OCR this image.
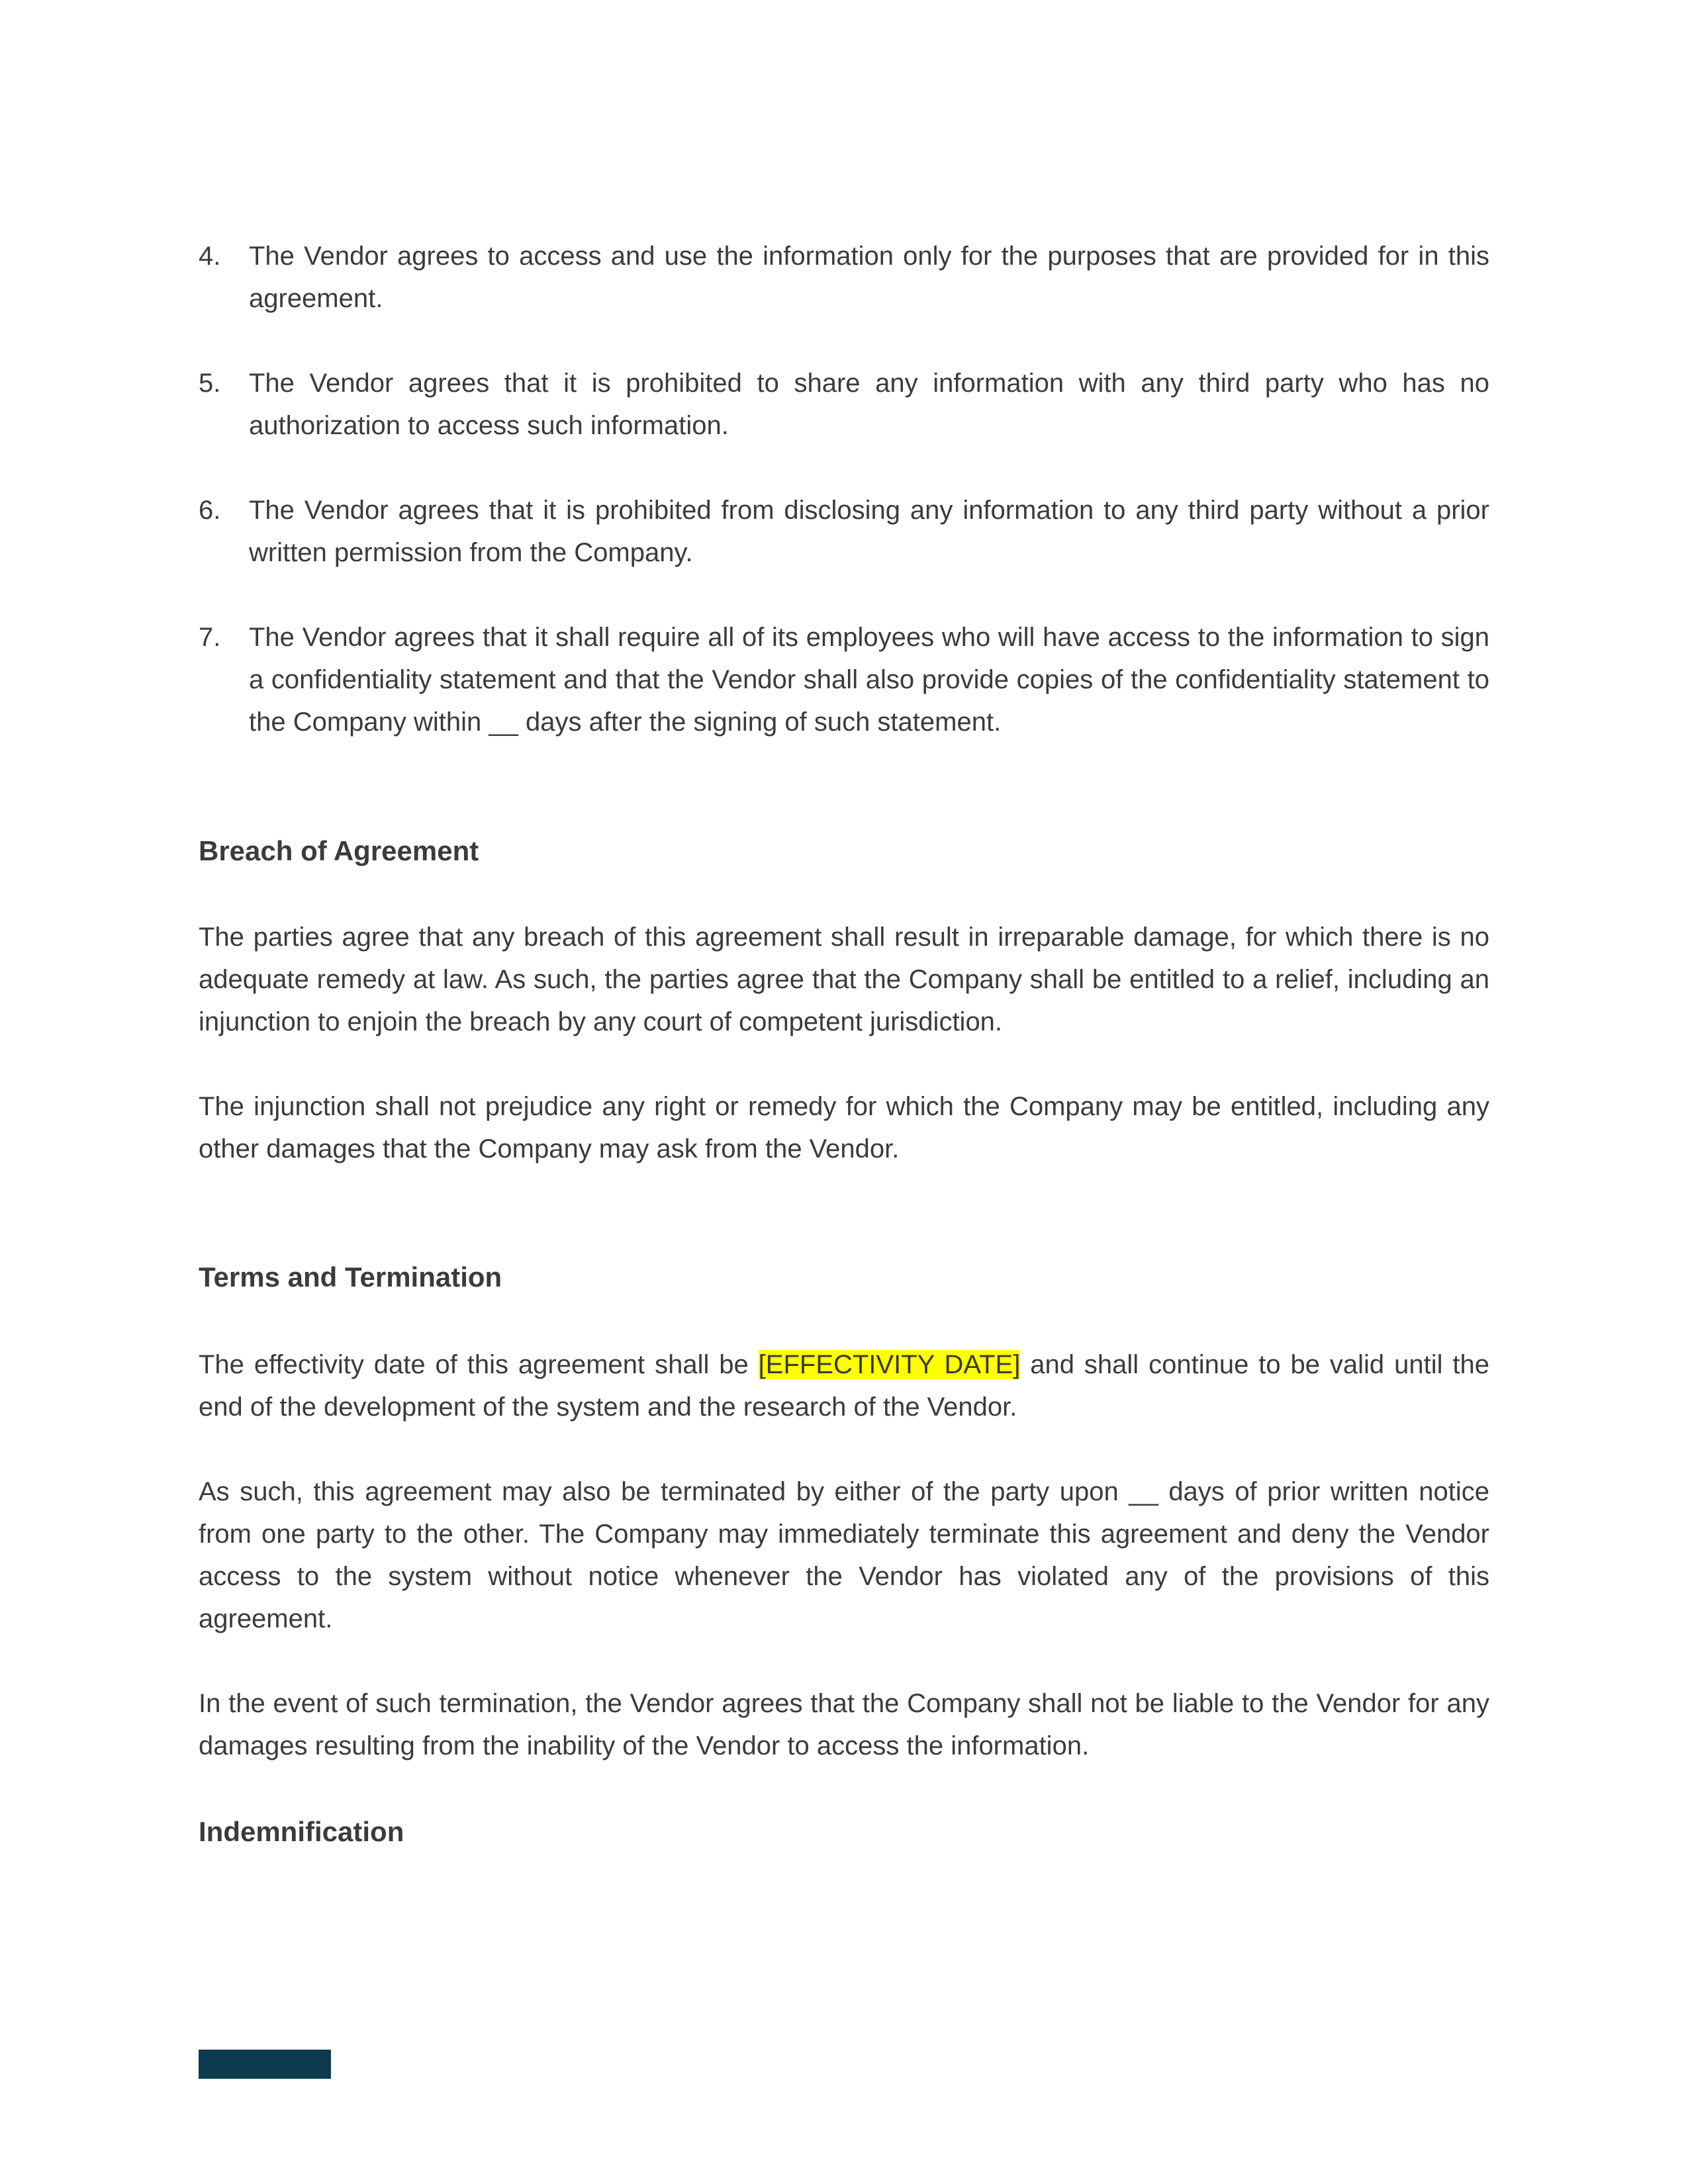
4.	The Vendor agrees to access and use the information only for the purposes that are provided for in this agreement.
5.	The Vendor agrees that it is prohibited to share any information with any third party who has no authorization to access such information.
6.	The Vendor agrees that it is prohibited from disclosing any information to any third party without a prior written permission from the Company.
7.	The Vendor agrees that it shall require all of its employees who will have access to the information to sign a confidentiality statement and that the Vendor shall also provide copies of the confidentiality statement to the Company within __ days after the signing of such statement.
Breach of Agreement

The parties agree that any breach of this agreement shall result in irreparable damage, for which there is no adequate remedy at law. As such, the parties agree that the Company shall be entitled to a relief, including an injunction to enjoin the breach by any court of competent jurisdiction.

The injunction shall not prejudice any right or remedy for which the Company may be entitled, including any other damages that the Company may ask from the Vendor.

Terms and Termination

The effectivity date of this agreement shall be [EFFECTIVITY DATE] and shall continue to be valid until the end of the development of the system and the research of the Vendor.

As such, this agreement may also be terminated by either of the party upon __ days of prior written notice from one party to the other. The Company may immediately terminate this agreement and deny the Vendor access to the system without notice whenever the Vendor has violated any of the provisions of this agreement.

In the event of such termination, the Vendor agrees that the Company shall not be liable to the Vendor for any damages resulting from the inability of the Vendor to access the information.

Indemnification
